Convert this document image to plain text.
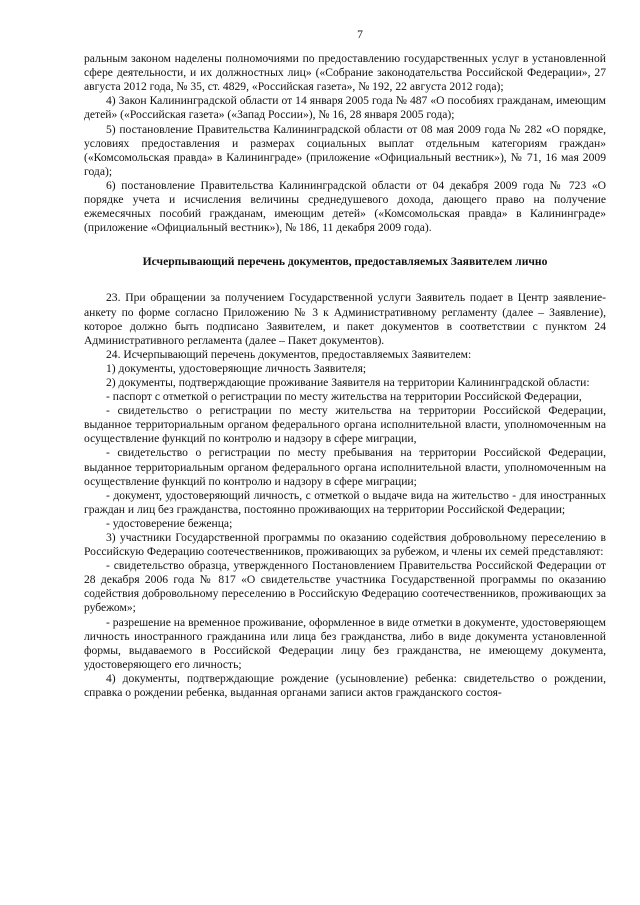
7

ральным законом наделены полномочиями по предоставлению государственных услуг в установленной сфере деятельности, и их должностных лиц» («Собрание законодательства Российской Федерации», 27 августа 2012 года, № 35, ст. 4829, «Российская газета», № 192, 22 августа 2012 года);

4) Закон Калининградской области от 14 января 2005 года № 487 «О пособиях гражданам, имеющим детей» («Российская газета» («Запад России»), № 16, 28 января 2005 года);

5) постановление Правительства Калининградской области от 08 мая 2009 года № 282 «О порядке, условиях предоставления и размерах социальных выплат отдельным категориям граждан» («Комсомольская правда» в Калининграде» (приложение «Официальный вестник»), № 71, 16 мая 2009 года);

6) постановление Правительства Калининградской области от 04 декабря 2009 года № 723 «О порядке учета и исчисления величины среднедушевого дохода, дающего право на получение ежемесячных пособий гражданам, имеющим детей» («Комсомольская правда» в Калининграде» (приложение «Официальный вестник»), № 186, 11 декабря 2009 года).

Исчерпывающий перечень документов, предоставляемых Заявителем лично

23. При обращении за получением Государственной услуги Заявитель подает в Центр заявление-анкету по форме согласно Приложению № 3 к Административному регламенту (далее – Заявление), которое должно быть подписано Заявителем, и пакет документов в соответствии с пунктом 24 Административного регламента (далее – Пакет документов).

24. Исчерпывающий перечень документов, предоставляемых Заявителем:

1) документы, удостоверяющие личность Заявителя;

2) документы, подтверждающие проживание Заявителя на территории Калининградской области:

- паспорт с отметкой о регистрации по месту жительства на территории Российской Федерации,

- свидетельство о регистрации по месту жительства на территории Российской Федерации, выданное территориальным органом федерального органа исполнительной власти, уполномоченным на осуществление функций по контролю и надзору в сфере миграции,

- свидетельство о регистрации по месту пребывания на территории Российской Федерации, выданное территориальным органом федерального органа исполнительной власти, уполномоченным на осуществление функций по контролю и надзору в сфере миграции;

- документ, удостоверяющий личность, с отметкой о выдаче вида на жительство - для иностранных граждан и лиц без гражданства, постоянно проживающих на территории Российской Федерации;

- удостоверение беженца;

3) участники Государственной программы по оказанию содействия добровольному переселению в Российскую Федерацию соотечественников, проживающих за рубежом, и члены их семей представляют:

- свидетельство образца, утвержденного Постановлением Правительства Российской Федерации от 28 декабря 2006 года № 817 «О свидетельстве участника Государственной программы по оказанию содействия добровольному переселению в Российскую Федерацию соотечественников, проживающих за рубежом»;

- разрешение на временное проживание, оформленное в виде отметки в документе, удостоверяющем личность иностранного гражданина или лица без гражданства, либо в виде документа установленной формы, выдаваемого в Российской Федерации лицу без гражданства, не имеющему документа, удостоверяющего его личность;

4) документы, подтверждающие рождение (усыновление) ребенка: свидетельство о рождении, справка о рождении ребенка, выданная органами записи актов гражданского состоя-
